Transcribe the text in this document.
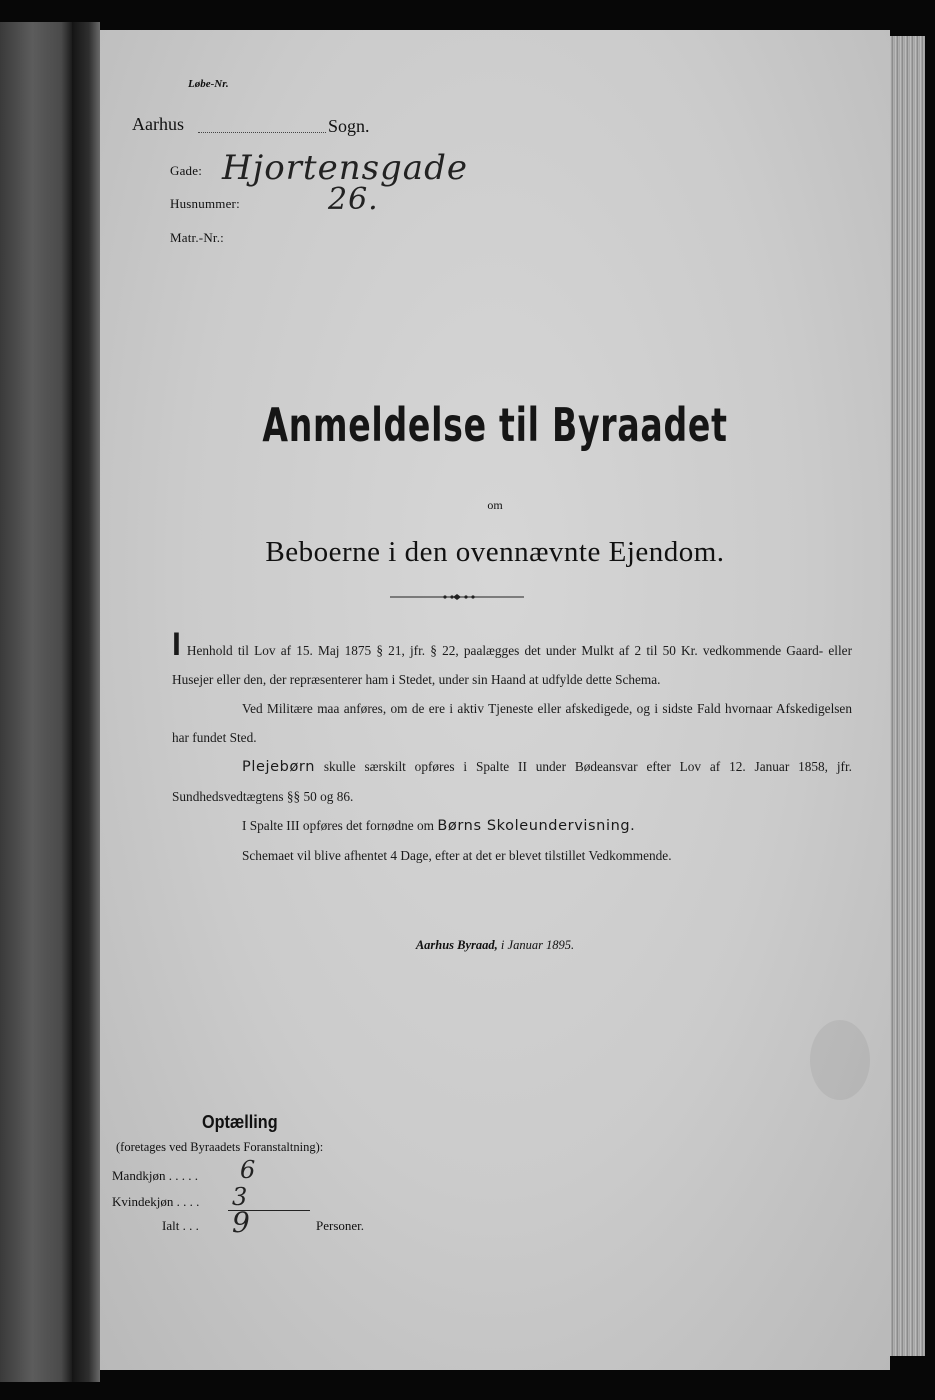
Løbe-Nr.
Aarhus	Sogn.
Gade: Hjortensgade
Husnummer:	26.
Matr.-Nr.:
Anmeldelse til Byraadet
om
Beboerne i den ovennævnte Ejendom.

I Henhold til Lov af 15. Maj 1875 § 21, jfr. § 22, paalægges det under Mulkt af 2 til 50 Kr. vedkommende Gaard- eller Husejer eller den, der repræsenterer ham i Stedet, under sin Haand at udfylde dette Schema.

Ved Militære maa anføres, om de ere i aktiv Tjeneste eller afskedigede, og i sidste Fald hvornaar Afskedigelsen har fundet Sted.

Plejebørn skulle særskilt opføres i Spalte II under Bødeansvar efter Lov af 12. Januar 1858, jfr. Sundhedsvedtægtens §§ 50 og 86.

I Spalte III opføres det fornødne om Børns Skoleundervisning.

Schemaet vil blive afhentet 4 Dage, efter at det er blevet tilstillet Vedkommende.

Aarhus Byraad, i Januar 1895.
Optælling
(foretages ved Byraadets Foranstaltning):
Mandkjøn . . . . . 6
Kvindekjøn . . . . 3
Ialt . . . 9	Personer.
